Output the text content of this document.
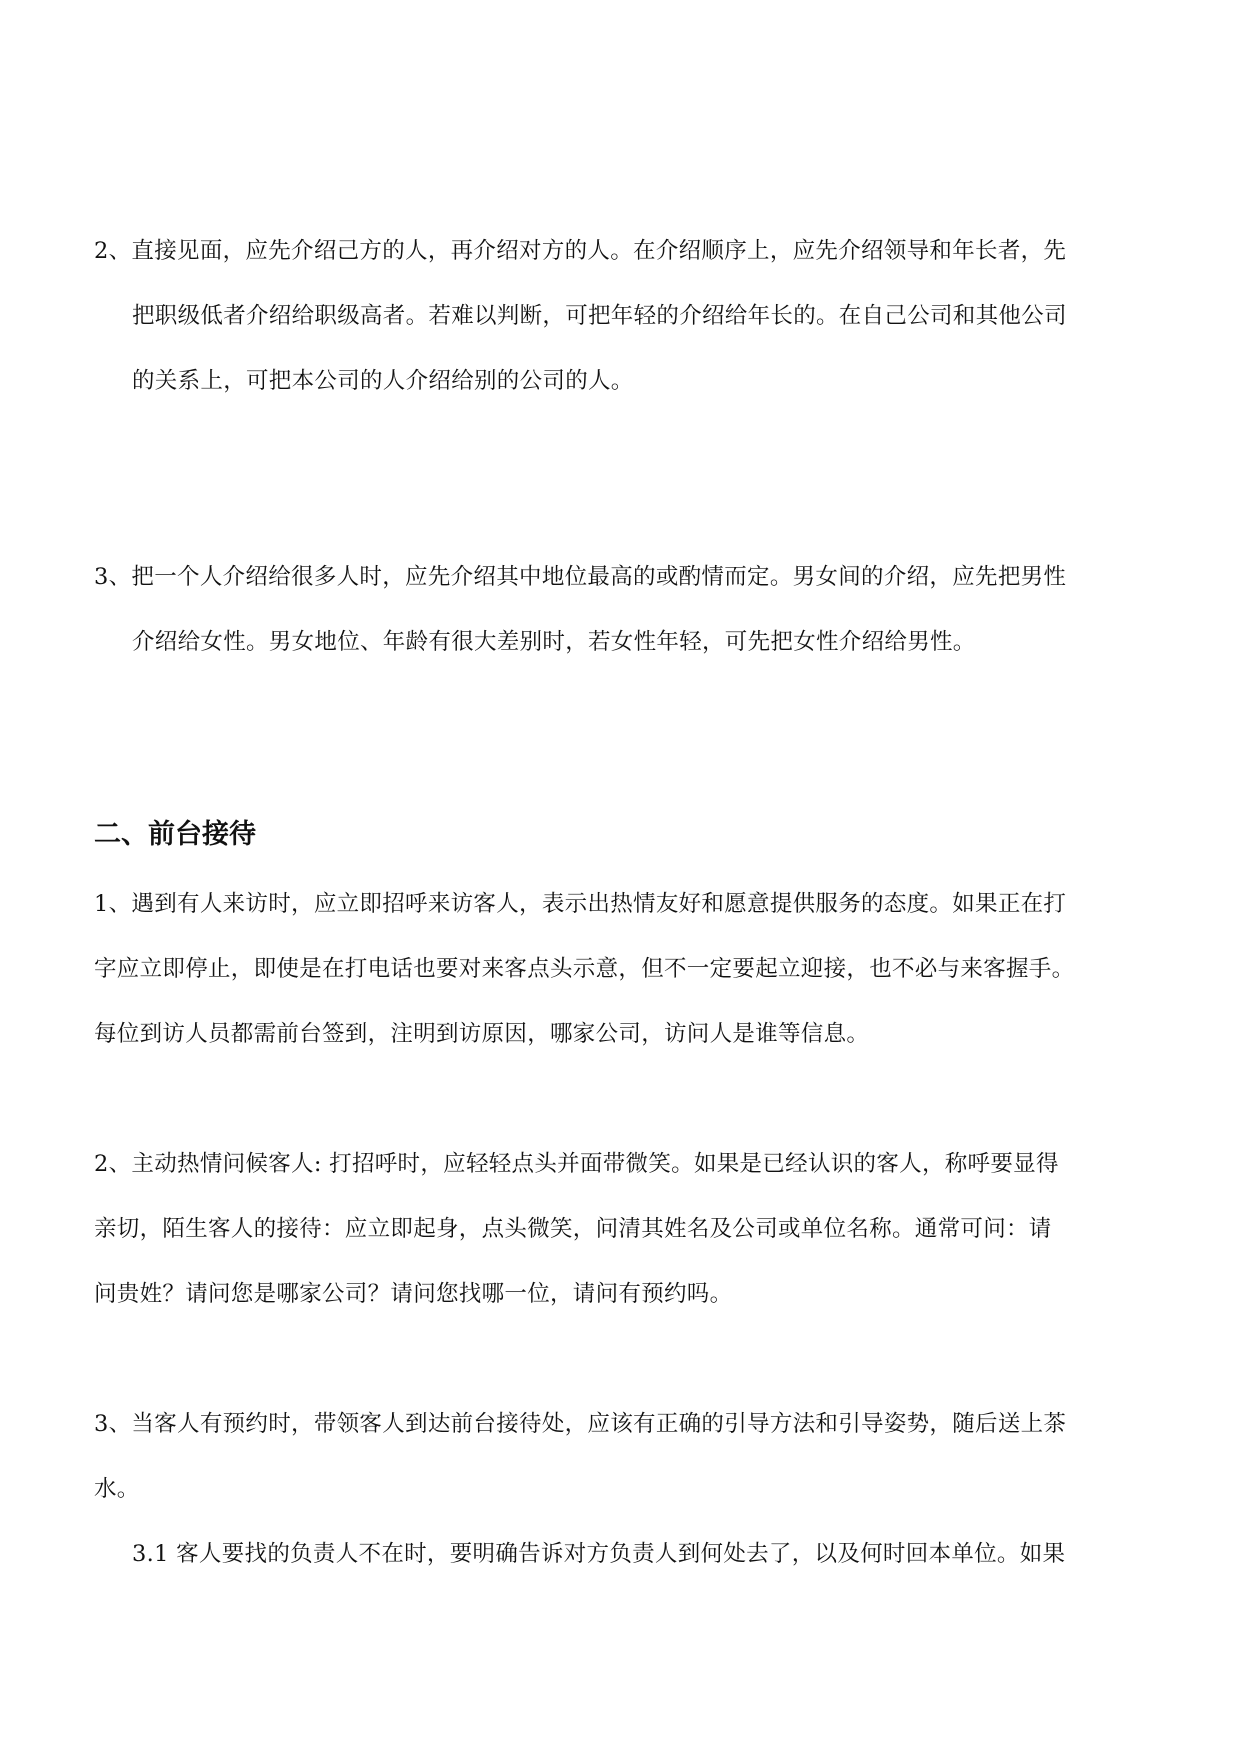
2、直接见面，应先介绍己方的人，再介绍对方的人。在介绍顺序上，应先介绍领导和年长者，先
把职级低者介绍给职级高者。若难以判断，可把年轻的介绍给年长的。在自己公司和其他公司
的关系上，可把本公司的人介绍给别的公司的人。
3、把一个人介绍给很多人时，应先介绍其中地位最高的或酌情而定。男女间的介绍，应先把男性
介绍给女性。男女地位、年龄有很大差别时，若女性年轻，可先把女性介绍给男性。
二、前台接待
1、遇到有人来访时，应立即招呼来访客人，表示出热情友好和愿意提供服务的态度。如果正在打
字应立即停止，即使是在打电话也要对来客点头示意，但不一定要起立迎接，也不必与来客握手。
每位到访人员都需前台签到，注明到访原因，哪家公司，访问人是谁等信息。
2、主动热情问候客人: 打招呼时，应轻轻点头并面带微笑。如果是已经认识的客人，称呼要显得
亲切，陌生客人的接待：应立即起身，点头微笑，问清其姓名及公司或单位名称。通常可问：请
问贵姓？请问您是哪家公司？请问您找哪一位，请问有预约吗。
3、当客人有预约时，带领客人到达前台接待处，应该有正确的引导方法和引导姿势，随后送上茶
水。
3.1 客人要找的负责人不在时，要明确告诉对方负责人到何处去了，以及何时回本单位。如果
